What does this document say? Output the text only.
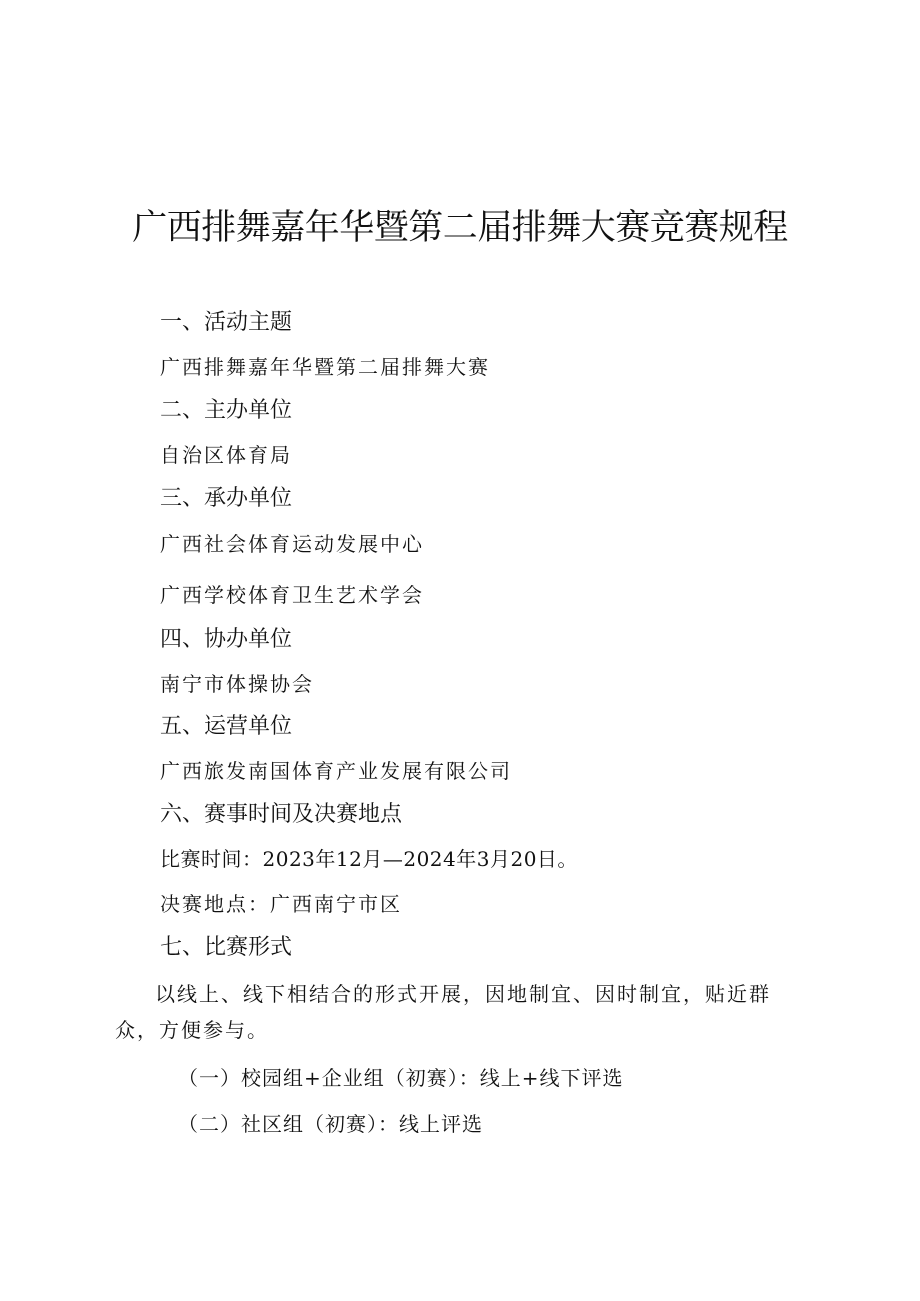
广西排舞嘉年华暨第二届排舞大赛竞赛规程

一、活动主题

广西排舞嘉年华暨第二届排舞大赛

二、主办单位

自治区体育局

三、承办单位

广西社会体育运动发展中心

广西学校体育卫生艺术学会

四、协办单位

南宁市体操协会

五、运营单位

广西旅发南国体育产业发展有限公司

六、赛事时间及决赛地点

比赛时间：2023年12月—2024年3月20日。

决赛地点：广西南宁市区

七、比赛形式

以线上、线下相结合的形式开展，因地制宜、因时制宜，贴近群众，方便参与。

（一）校园组+企业组（初赛）：线上+线下评选

（二）社区组（初赛）：线上评选
